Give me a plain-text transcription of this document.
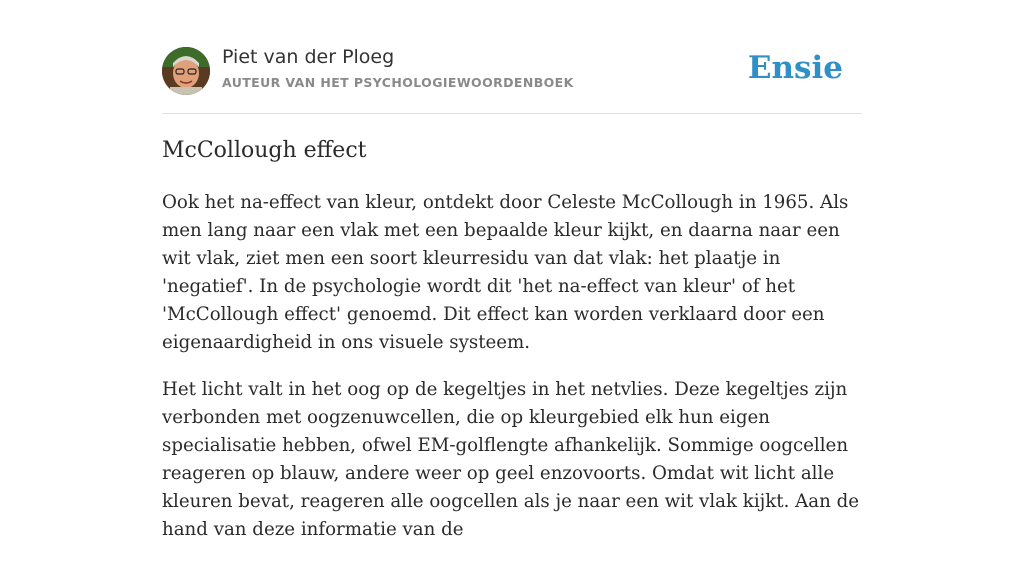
Piet van der Ploeg
AUTEUR VAN HET PSYCHOLOGIEWOORDENBOEK	Ensie
McCollough effect

Ook het na-effect van kleur, ontdekt door Celeste McCollough in 1965. Als men lang naar een vlak met een bepaalde kleur kijkt, en daarna naar een wit vlak, ziet men een soort kleurresidu van dat vlak: het plaatje in 'negatief'. In de psychologie wordt dit 'het na-effect van kleur' of het 'McCollough effect' genoemd. Dit effect kan worden verklaard door een eigenaardigheid in ons visuele systeem.

Het licht valt in het oog op de kegeltjes in het netvlies. Deze kegeltjes zijn verbonden met oogzenuwcellen, die op kleurgebied elk hun eigen specialisatie hebben, ofwel EM-golflengte afhankelijk. Sommige oogcellen reageren op blauw, andere weer op geel enzovoorts. Omdat wit licht alle kleuren bevat, reageren alle oogcellen als je naar een wit vlak kijkt. Aan de hand van deze informatie van de
